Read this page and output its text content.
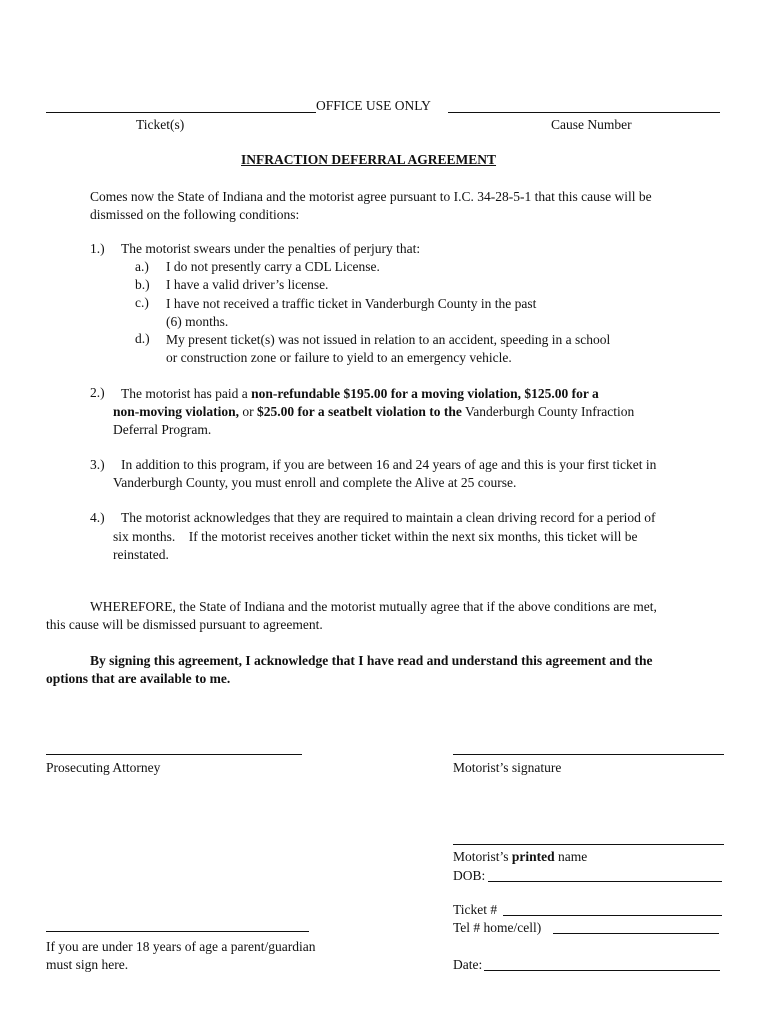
OFFICE USE ONLY
Ticket(s)	Cause Number
INFRACTION DEFERRAL AGREEMENT

Comes now the State of Indiana and the motorist agree pursuant to I.C. 34-28-5-1 that this cause will be

dismissed on the following conditions:

1.) The motorist swears under the penalties of perjury that:
a.) I do not presently carry a CDL License.
b.) I have a valid driver’s license.
c.) I have not received a traffic ticket in Vanderburgh County in the past

(6) months.

d.) My present ticket(s) was not issued in relation to an accident, speeding in a school

or construction zone or failure to yield to an emergency vehicle.

2.) The motorist has paid a non-refundable $195.00 for a moving violation, $125.00 for a

non-moving violation, or $25.00 for a seatbelt violation to the Vanderburgh County Infraction

Deferral Program.

3.) In addition to this program, if you are between 16 and 24 years of age and this is your first ticket in
Vanderburgh County, you must enroll and complete the Alive at 25 course.
4.) The motorist acknowledges that they are required to maintain a clean driving record for a period of

six months.    If the motorist receives another ticket within the next six months, this ticket will be

reinstated.

WHEREFORE, the State of Indiana and the motorist mutually agree that if the above conditions are met,
this cause will be dismissed pursuant to agreement.
By signing this agreement, I acknowledge that I have read and understand this agreement and the
options that are available to me.
Prosecuting Attorney	Motorist’s signature
Motorist’s printed name
DOB:
Ticket #
Tel # home/cell)
Date:

If you are under 18 years of age a parent/guardian

must sign here.
